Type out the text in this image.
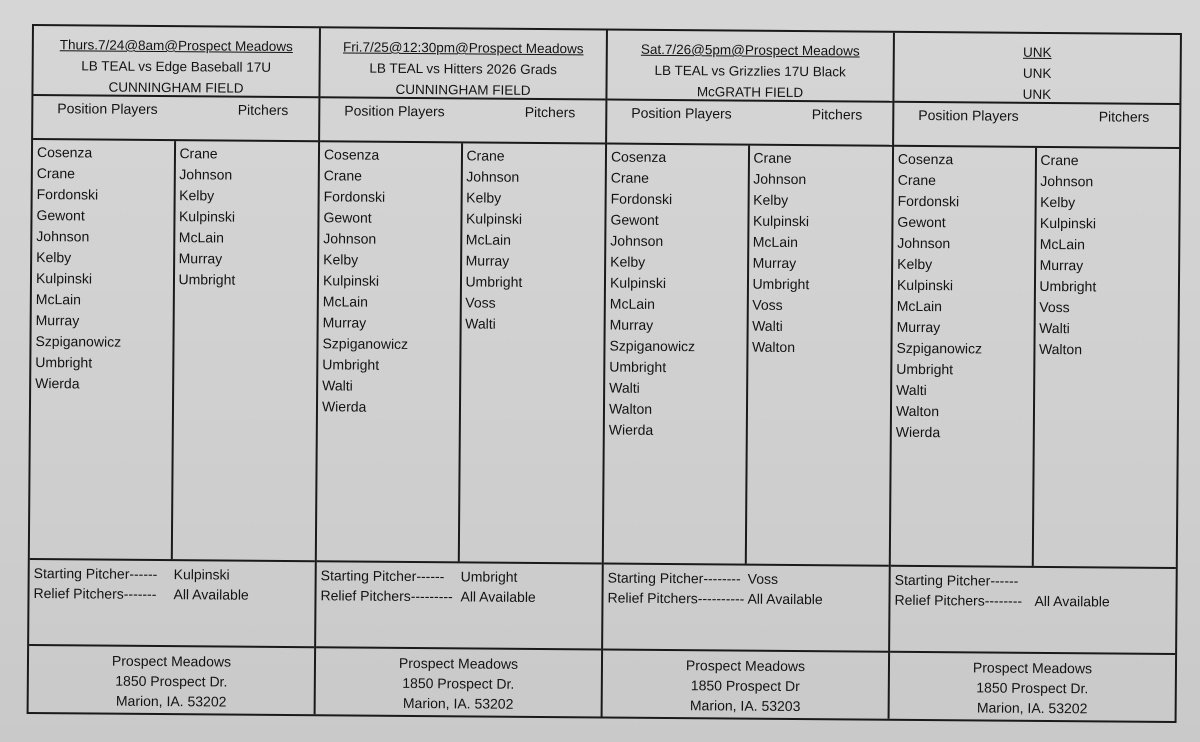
Thurs.7/24@8am@Prospect Meadows
LB TEAL vs Edge Baseball 17U
CUNNINGHAM FIELD
Position Players	Pitchers
Cosenza
Crane
Fordonski
Gewont
Johnson
Kelby
Kulpinski
McLain
Murray
Szpiganowicz
Umbright
Wierda
Crane
Johnson
Kelby
Kulpinski
McLain
Murray
Umbright
Starting Pitcher------	Kulpinski
Relief Pitchers-------	All Available
Prospect Meadows
1850 Prospect Dr.
Marion, IA. 53202
Fri.7/25@12:30pm@Prospect Meadows
LB TEAL vs Hitters 2026 Grads
CUNNINGHAM FIELD
Position Players	Pitchers
Cosenza
Crane
Fordonski
Gewont
Johnson
Kelby
Kulpinski
McLain
Murray
Szpiganowicz
Umbright
Walti
Wierda
Crane
Johnson
Kelby
Kulpinski
McLain
Murray
Umbright
Voss
Walti
Starting Pitcher------	Umbright
Relief Pitchers--------- All Available
Prospect Meadows
1850 Prospect Dr.
Marion, IA. 53202
Sat.7/26@5pm@Prospect Meadows
LB TEAL vs Grizzlies 17U Black
McGRATH FIELD
Position Players	Pitchers
Cosenza
Crane
Fordonski
Gewont
Johnson
Kelby
Kulpinski
McLain
Murray
Szpiganowicz
Umbright
Walti
Walton
Wierda
Crane
Johnson
Kelby
Kulpinski
McLain
Murray
Umbright
Voss
Walti
Walton
Starting Pitcher-------- Voss
Relief Pitchers---------- All Available
Prospect Meadows
1850 Prospect Dr
Marion, IA. 53203
UNK
UNK
UNK
Position Players	Pitchers
Cosenza
Crane
Fordonski
Gewont
Johnson
Kelby
Kulpinski
McLain
Murray
Szpiganowicz
Umbright
Walti
Walton
Wierda
Crane
Johnson
Kelby
Kulpinski
McLain
Murray
Umbright
Voss
Walti
Walton
Starting Pitcher------
Relief Pitchers-------- All Available
Prospect Meadows
1850 Prospect Dr.
Marion, IA. 53202
